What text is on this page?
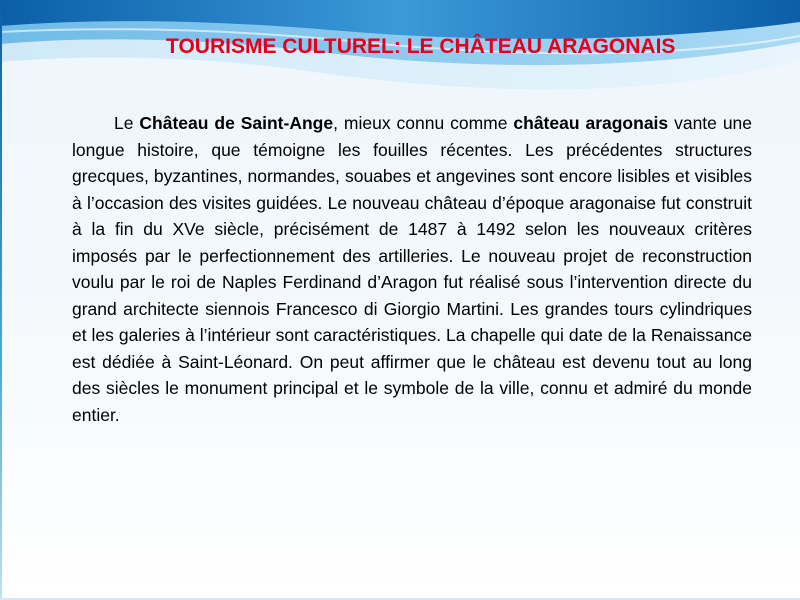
TOURISME CULTUREL: LE CHÂTEAU ARAGONAIS

Le Château de Saint-Ange, mieux connu comme château aragonais vante une longue histoire, que témoigne les fouilles récentes. Les précédentes structures grecques, byzantines, normandes, souabes et angevines sont encore lisibles et visibles à l’occasion des visites guidées. Le nouveau château d’époque aragonaise fut construit à la fin du XVe siècle, précisément de 1487 à 1492 selon les nouveaux critères imposés par le perfectionnement des artilleries. Le nouveau projet de reconstruction voulu par le roi de Naples Ferdinand d’Aragon fut réalisé sous l’intervention directe du grand architecte siennois Francesco di Giorgio Martini. Les grandes tours cylindriques et les galeries à l’intérieur sont caractéristiques. La chapelle qui date de la Renaissance est dédiée à Saint-Léonard. On peut affirmer que le château est devenu tout au long des siècles le monument principal et le symbole de la ville, connu et admiré du monde entier.
